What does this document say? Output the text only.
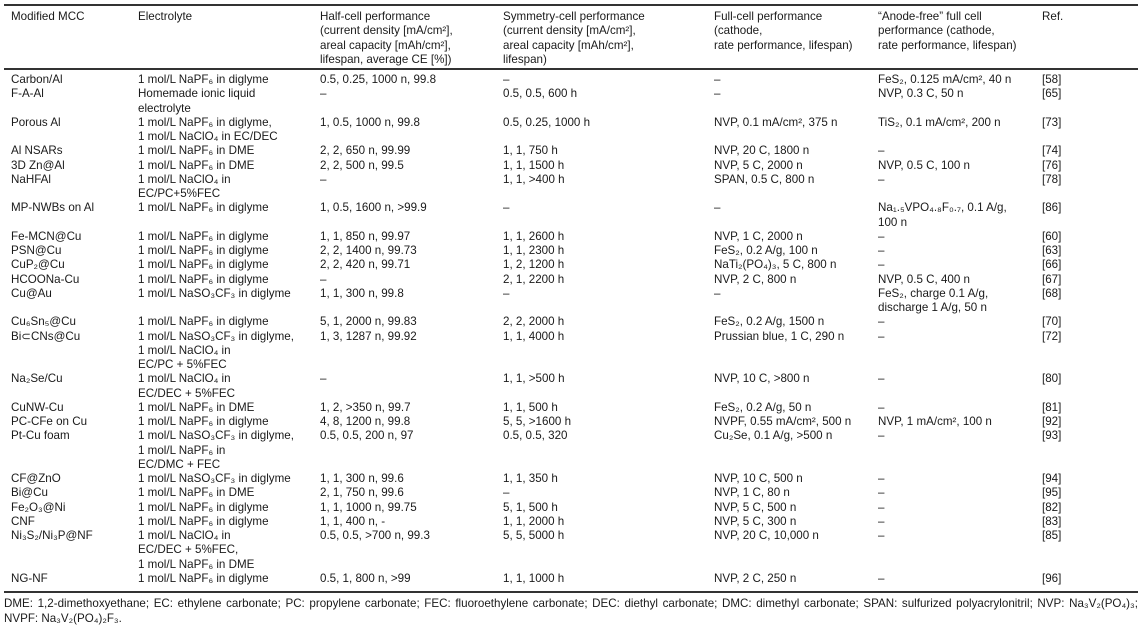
Modified MCC	Electrolyte	Half-cell performance
(current density [mA/cm²],
areal capacity [mAh/cm²],
lifespan, average CE [%])	Symmetry-cell performance
(current density [mA/cm²],
areal capacity [mAh/cm²],
lifespan)	Full-cell performance
(cathode,
rate performance, lifespan)	“Anode-free” full cell
performance (cathode,
rate performance, lifespan)	Ref.
Carbon/Al	1 mol/L NaPF₆ in diglyme	0.5, 0.25, 1000 n, 99.8	–	–	FeS₂, 0.125 mA/cm², 40 n	[58]
F-A-Al	Homemade ionic liquid
electrolyte	–	0.5, 0.5, 600 h	–	NVP, 0.3 C, 50 n	[65]
Porous Al	1 mol/L NaPF₆ in diglyme,
1 mol/L NaClO₄ in EC/DEC	1, 0.5, 1000 n, 99.8	0.5, 0.25, 1000 h	NVP, 0.1 mA/cm², 375 n	TiS₂, 0.1 mA/cm², 200 n	[73]
Al NSARs	1 mol/L NaPF₆ in DME	2, 2, 650 n, 99.99	1, 1, 750 h	NVP, 20 C, 1800 n	–	[74]
3D Zn@Al	1 mol/L NaPF₆ in DME	2, 2, 500 n, 99.5	1, 1, 1500 h	NVP, 5 C, 2000 n	NVP, 0.5 C, 100 n	[76]
NaHFAl	1 mol/L NaClO₄ in
EC/PC+5%FEC	–	1, 1, >400 h	SPAN, 0.5 C, 800 n	–	[78]
MP-NWBs on Al	1 mol/L NaPF₆ in diglyme	1, 0.5, 1600 n, >99.9	–	–	Na₁.₅VPO₄.₈F₀.₇, 0.1 A/g,
100 n	[86]
Fe-MCN@Cu	1 mol/L NaPF₆ in diglyme	1, 1, 850 n, 99.97	1, 1, 2600 h	NVP, 1 C, 2000 n	–	[60]
PSN@Cu	1 mol/L NaPF₆ in diglyme	2, 2, 1400 n, 99.73	1, 1, 2300 h	FeS₂, 0.2 A/g, 100 n	–	[63]
CuP₂@Cu	1 mol/L NaPF₆ in diglyme	2, 2, 420 n, 99.71	1, 2, 1200 h	NaTi₂(PO₄)₃, 5 C, 800 n	–	[66]
HCOONa-Cu	1 mol/L NaPF₆ in diglyme	–	2, 1, 2200 h	NVP, 2 C, 800 n	NVP, 0.5 C, 400 n	[67]
Cu@Au	1 mol/L NaSO₃CF₃ in diglyme	1, 1, 300 n, 99.8	–	–	FeS₂, charge 0.1 A/g,
discharge 1 A/g, 50 n	[68]
Cu₆Sn₅@Cu	1 mol/L NaPF₆ in diglyme	5, 1, 2000 n, 99.83	2, 2, 2000 h	FeS₂, 0.2 A/g, 1500 n	–	[70]
Bi⊂CNs@Cu	1 mol/L NaSO₃CF₃ in diglyme,
1 mol/L NaClO₄ in
EC/PC + 5%FEC	1, 3, 1287 n, 99.92	1, 1, 4000 h	Prussian blue, 1 C, 290 n	–	[72]
Na₂Se/Cu	1 mol/L NaClO₄ in
EC/DEC + 5%FEC	–	1, 1, >500 h	NVP, 10 C, >800 n	–	[80]
CuNW-Cu	1 mol/L NaPF₆ in DME	1, 2, >350 n, 99.7	1, 1, 500 h	FeS₂, 0.2 A/g, 50 n	–	[81]
PC-CFe on Cu	1 mol/L NaPF₆ in diglyme	4, 8, 1200 n, 99.8	5, 5, >1600 h	NVPF, 0.55 mA/cm², 500 n	NVP, 1 mA/cm², 100 n	[92]
Pt-Cu foam	1 mol/L NaSO₃CF₃ in diglyme,
1 mol/L NaPF₆ in
EC/DMC + FEC	0.5, 0.5, 200 n, 97	0.5, 0.5, 320	Cu₂Se, 0.1 A/g, >500 n	–	[93]
CF@ZnO	1 mol/L NaSO₃CF₃ in diglyme	1, 1, 300 n, 99.6	1, 1, 350 h	NVP, 10 C, 500 n	–	[94]
Bi@Cu	1 mol/L NaPF₆ in DME	2, 1, 750 n, 99.6	–	NVP, 1 C, 80 n	–	[95]
Fe₂O₃@Ni	1 mol/L NaPF₆ in diglyme	1, 1, 1000 n, 99.75	5, 1, 500 h	NVP, 5 C, 500 n	–	[82]
CNF	1 mol/L NaPF₆ in diglyme	1, 1, 400 n, -	1, 1, 2000 h	NVP, 5 C, 300 n	–	[83]
Ni₃S₂/Ni₃P@NF	1 mol/L NaClO₄ in
EC/DEC + 5%FEC,
1 mol/L NaPF₆ in DME	0.5, 0.5, >700 n, 99.3	5, 5, 5000 h	NVP, 20 C, 10,000 n	–	[85]
NG-NF	1 mol/L NaPF₆ in diglyme	0.5, 1, 800 n, >99	1, 1, 1000 h	NVP, 2 C, 250 n	–	[96]
DME: 1,2-dimethoxyethane; EC: ethylene carbonate; PC: propylene carbonate; FEC: fluoroethylene carbonate; DEC: diethyl carbonate; DMC: dimethyl carbonate; SPAN: sulfurized polyacrylonitril; NVP: Na₃V₂(PO₄)₃; NVPF: Na₃V₂(PO₄)₂F₃.
